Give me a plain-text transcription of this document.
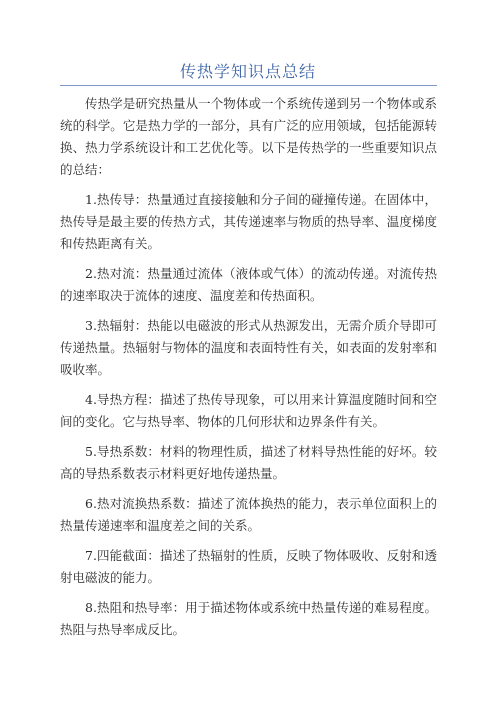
传热学知识点总结

传热学是研究热量从一个物体或一个系统传递到另一个物体或系统的科学。它是热力学的一部分，具有广泛的应用领域，包括能源转换、热力学系统设计和工艺优化等。以下是传热学的一些重要知识点的总结：

1.热传导：热量通过直接接触和分子间的碰撞传递。在固体中，热传导是最主要的传热方式，其传递速率与物质的热导率、温度梯度和传热距离有关。

2.热对流：热量通过流体（液体或气体）的流动传递。对流传热的速率取决于流体的速度、温度差和传热面积。

3.热辐射：热能以电磁波的形式从热源发出，无需介质介导即可传递热量。热辐射与物体的温度和表面特性有关，如表面的发射率和吸收率。

4.导热方程：描述了热传导现象，可以用来计算温度随时间和空间的变化。它与热导率、物体的几何形状和边界条件有关。

5.导热系数：材料的物理性质，描述了材料导热性能的好坏。较高的导热系数表示材料更好地传递热量。

6.热对流换热系数：描述了流体换热的能力，表示单位面积上的热量传递速率和温度差之间的关系。

7.四能截面：描述了热辐射的性质，反映了物体吸收、反射和透射电磁波的能力。

8.热阻和热导率：用于描述物体或系统中热量传递的难易程度。热阻与热导率成反比。
